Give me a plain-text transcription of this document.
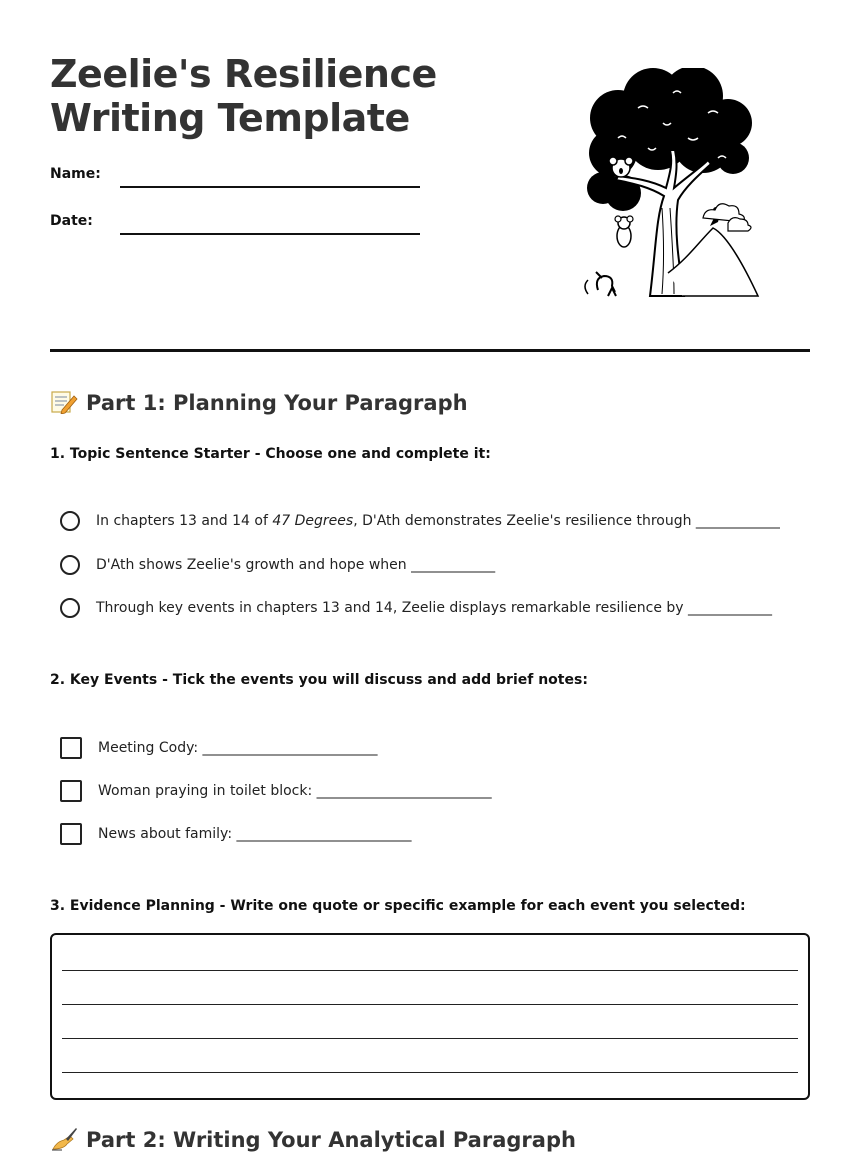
Zeelie's Resilience
Writing Template
Name:
Date:
Part 1: Planning Your Paragraph
1. Topic Sentence Starter - Choose one and complete it:
In chapters 13 and 14 of 47 Degrees, D'Ath demonstrates Zeelie's resilience through ____________
D'Ath shows Zeelie's growth and hope when ____________
Through key events in chapters 13 and 14, Zeelie displays remarkable resilience by ____________
2. Key Events - Tick the events you will discuss and add brief notes:
Meeting Cody: _________________________
Woman praying in toilet block: _________________________
News about family: _________________________
3. Evidence Planning - Write one quote or specific example for each event you selected:
Part 2: Writing Your Analytical Paragraph
